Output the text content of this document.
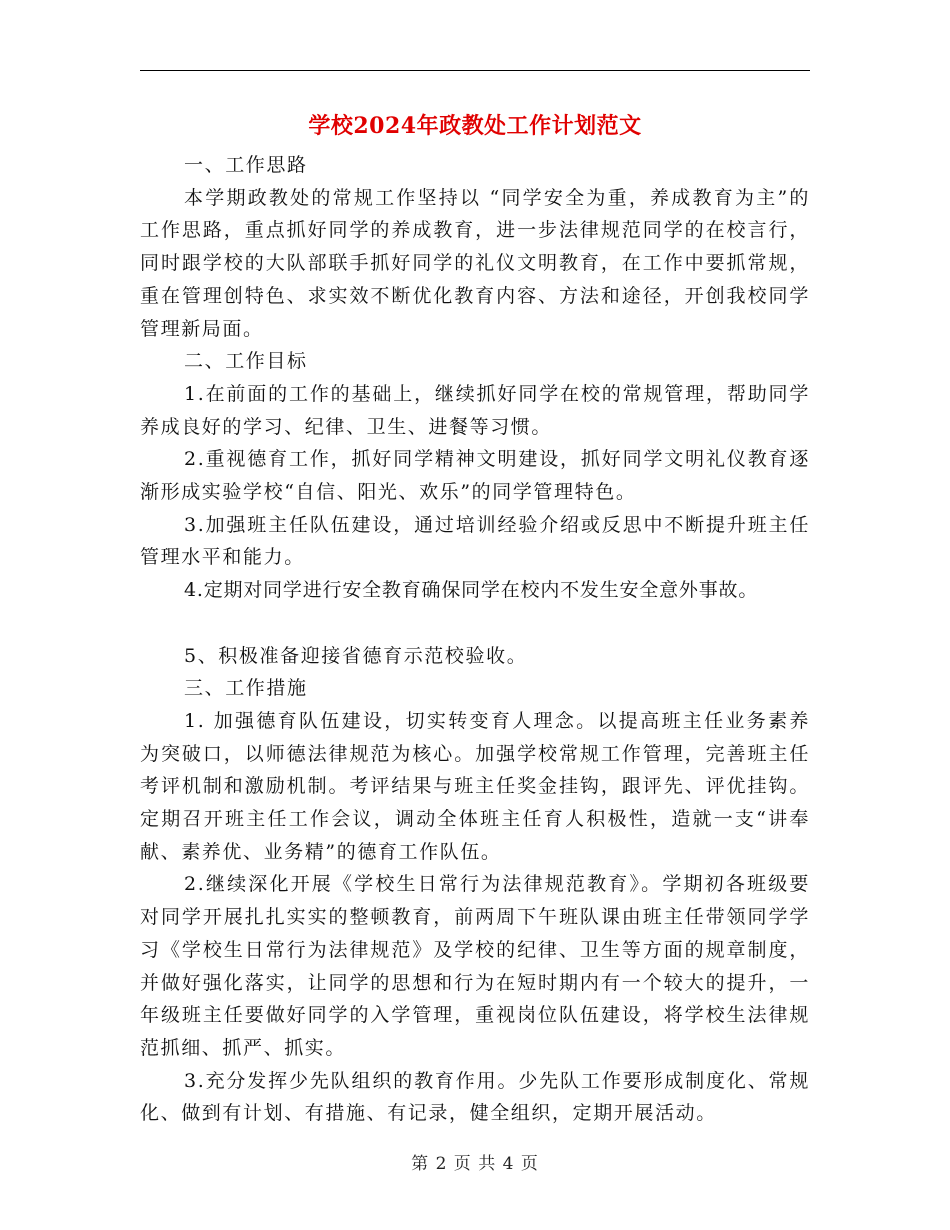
学校2024年政教处工作计划范文

一、工作思路

本学期政教处的常规工作坚持以 “同学安全为重，养成教育为主”的工作思路，重点抓好同学的养成教育，进一步法律规范同学的在校言行，同时跟学校的大队部联手抓好同学的礼仪文明教育，在工作中要抓常规，重在管理创特色、求实效不断优化教育内容、方法和途径，开创我校同学管理新局面。

二、工作目标

1.在前面的工作的基础上，继续抓好同学在校的常规管理，帮助同学养成良好的学习、纪律、卫生、进餐等习惯。

2.重视德育工作，抓好同学精神文明建设，抓好同学文明礼仪教育逐渐形成实验学校“自信、阳光、欢乐”的同学管理特色。

3.加强班主任队伍建设，通过培训经验介绍或反思中不断提升班主任管理水平和能力。

4.定期对同学进行安全教育确保同学在校内不发生安全意外事故。

5、积极准备迎接省德育示范校验收。

三、工作措施

1. 加强德育队伍建设，切实转变育人理念。以提高班主任业务素养为突破口，以师德法律规范为核心。加强学校常规工作管理，完善班主任考评机制和激励机制。考评结果与班主任奖金挂钩，跟评先、评优挂钩。定期召开班主任工作会议，调动全体班主任育人积极性，造就一支“讲奉献、素养优、业务精”的德育工作队伍。

2.继续深化开展《学校生日常行为法律规范教育》。学期初各班级要对同学开展扎扎实实的整顿教育，前两周下午班队课由班主任带领同学学习《学校生日常行为法律规范》及学校的纪律、卫生等方面的规章制度，并做好强化落实，让同学的思想和行为在短时期内有一个较大的提升，一年级班主任要做好同学的入学管理，重视岗位队伍建设，将学校生法律规范抓细、抓严、抓实。

3.充分发挥少先队组织的教育作用。少先队工作要形成制度化、常规化、做到有计划、有措施、有记录，健全组织，定期开展活动。

第 2 页 共 4 页
